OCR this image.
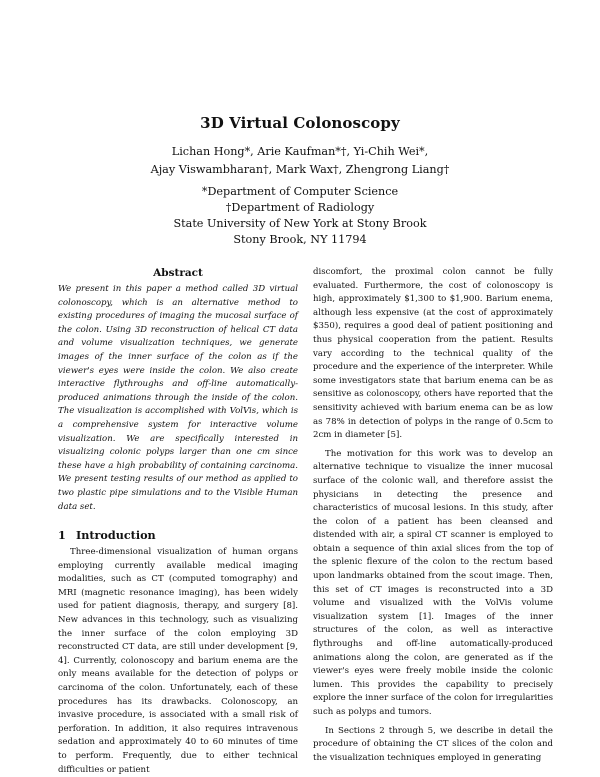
3D Virtual Colonoscopy
Lichan Hong*, Arie Kaufman*†, Yi-Chih Wei*,
Ajay Viswambharan†, Mark Wax†, Zhengrong Liang†
*Department of Computer Science
†Department of Radiology
State University of New York at Stony Brook
Stony Brook, NY 11794
Abstract

We present in this paper a method called 3D virtual colonoscopy, which is an alternative method to existing procedures of imaging the mucosal surface of the colon. Using 3D reconstruction of helical CT data and volume visualization techniques, we generate images of the inner surface of the colon as if the viewer's eyes were inside the colon. We also create interactive flythroughs and off-line automatically-produced animations through the inside of the colon. The visualization is accomplished with VolVis, which is a comprehensive system for interactive volume visualization. We are specifically interested in visualizing colonic polyps larger than one cm since these have a high probability of containing carcinoma. We present testing results of our method as applied to two plastic pipe simulations and to the Visible Human data set.

1 Introduction

Three-dimensional visualization of human organs employing currently available medical imaging modalities, such as CT (computed tomography) and MRI (magnetic resonance imaging), has been widely used for patient diagnosis, therapy, and surgery [8]. New advances in this technology, such as visualizing the inner surface of the colon employing 3D reconstructed CT data, are still under development [9, 4]. Currently, colonoscopy and barium enema are the only means available for the detection of polyps or carcinoma of the colon. Unfortunately, each of these procedures has its drawbacks. Colonoscopy, an invasive procedure, is associated with a small risk of perforation. In addition, it also requires intravenous sedation and approximately 40 to 60 minutes of time to perform. Frequently, due to either technical difficulties or patient

discomfort, the proximal colon cannot be fully evaluated. Furthermore, the cost of colonoscopy is high, approximately $1,300 to $1,900. Barium enema, although less expensive (at the cost of approximately $350), requires a good deal of patient positioning and thus physical cooperation from the patient. Results vary according to the technical quality of the procedure and the experience of the interpreter. While some investigators state that barium enema can be as sensitive as colonoscopy, others have reported that the sensitivity achieved with barium enema can be as low as 78% in detection of polyps in the range of 0.5cm to 2cm in diameter [5].

The motivation for this work was to develop an alternative technique to visualize the inner mucosal surface of the colonic wall, and therefore assist the physicians in detecting the presence and characteristics of mucosal lesions. In this study, after the colon of a patient has been cleansed and distended with air, a spiral CT scanner is employed to obtain a sequence of thin axial slices from the top of the splenic flexure of the colon to the rectum based upon landmarks obtained from the scout image. Then, this set of CT images is reconstructed into a 3D volume and visualized with the VolVis volume visualization system [1]. Images of the inner structures of the colon, as well as interactive flythroughs and off-line automatically-produced animations along the colon, are generated as if the viewer's eyes were freely mobile inside the colonic lumen. This provides the capability to precisely explore the inner surface of the colon for irregularities such as polyps and tumors.

In Sections 2 through 5, we describe in detail the procedure of obtaining the CT slices of the colon and the visualization techniques employed in generating
